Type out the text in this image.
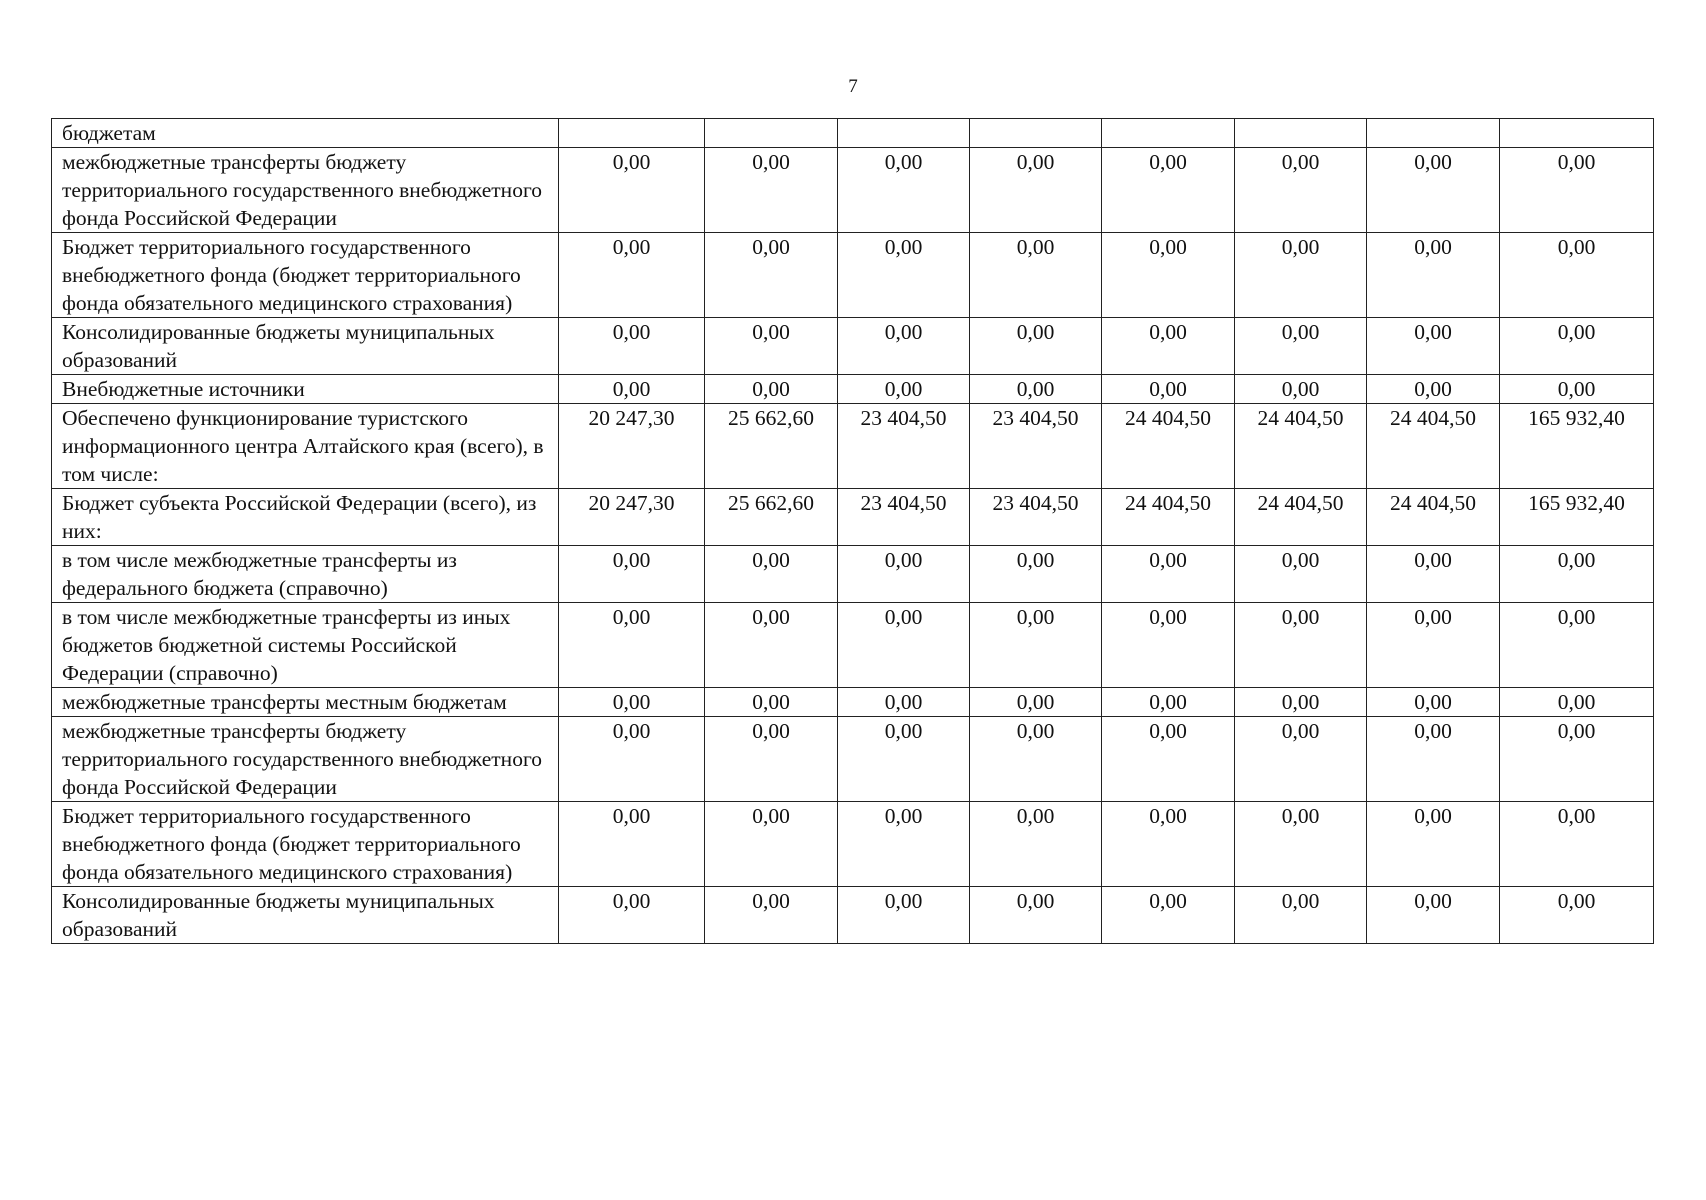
7
бюджетам								
межбюджетные трансферты бюджету территориального государственного внебюджетного фонда Российской Федерации	0,00	0,00	0,00	0,00	0,00	0,00	0,00	0,00
Бюджет территориального государственного внебюджетного фонда (бюджет территориального фонда обязательного медицинского страхования)	0,00	0,00	0,00	0,00	0,00	0,00	0,00	0,00
Консолидированные бюджеты муниципальных образований	0,00	0,00	0,00	0,00	0,00	0,00	0,00	0,00
Внебюджетные источники	0,00	0,00	0,00	0,00	0,00	0,00	0,00	0,00
Обеспечено функционирование туристского информационного центра Алтайского края (всего), в том числе:	20 247,30	25 662,60	23 404,50	23 404,50	24 404,50	24 404,50	24 404,50	165 932,40
Бюджет субъекта Российской Федерации (всего), из них:	20 247,30	25 662,60	23 404,50	23 404,50	24 404,50	24 404,50	24 404,50	165 932,40
в том числе межбюджетные трансферты из федерального бюджета (справочно)	0,00	0,00	0,00	0,00	0,00	0,00	0,00	0,00
в том числе межбюджетные трансферты из иных бюджетов бюджетной системы Российской Федерации (справочно)	0,00	0,00	0,00	0,00	0,00	0,00	0,00	0,00
межбюджетные трансферты местным бюджетам	0,00	0,00	0,00	0,00	0,00	0,00	0,00	0,00
межбюджетные трансферты бюджету территориального государственного внебюджетного фонда Российской Федерации	0,00	0,00	0,00	0,00	0,00	0,00	0,00	0,00
Бюджет территориального государственного внебюджетного фонда (бюджет территориального фонда обязательного медицинского страхования)	0,00	0,00	0,00	0,00	0,00	0,00	0,00	0,00
Консолидированные бюджеты муниципальных образований	0,00	0,00	0,00	0,00	0,00	0,00	0,00	0,00
